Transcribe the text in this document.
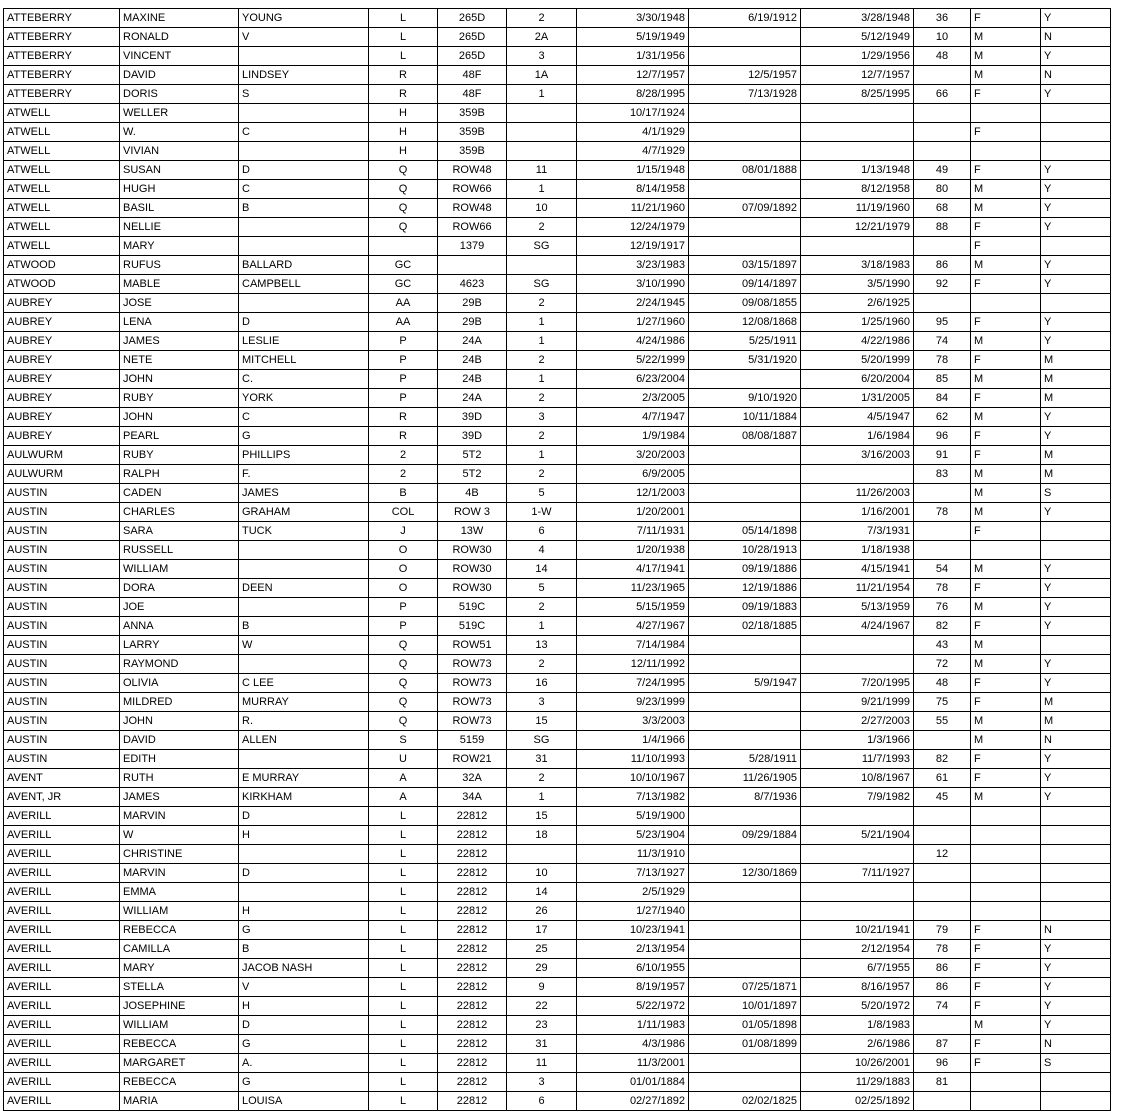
ATTEBERRY	MAXINE	YOUNG	L	265D	2	3/30/1948	6/19/1912	3/28/1948	36	F	Y
ATTEBERRY	RONALD	V	L	265D	2A	5/19/1949		5/12/1949	10	M	N
ATTEBERRY	VINCENT		L	265D	3	1/31/1956		1/29/1956	48	M	Y
ATTEBERRY	DAVID	LINDSEY	R	48F	1A	12/7/1957	12/5/1957	12/7/1957		M	N
ATTEBERRY	DORIS	S	R	48F	1	8/28/1995	7/13/1928	8/25/1995	66	F	Y
ATWELL	WELLER		H	359B		10/17/1924					
ATWELL	W.	C	H	359B		4/1/1929				F	
ATWELL	VIVIAN		H	359B		4/7/1929					
ATWELL	SUSAN	D	Q	ROW48	11	1/15/1948	08/01/1888	1/13/1948	49	F	Y
ATWELL	HUGH	C	Q	ROW66	1	8/14/1958		8/12/1958	80	M	Y
ATWELL	BASIL	B	Q	ROW48	10	11/21/1960	07/09/1892	11/19/1960	68	M	Y
ATWELL	NELLIE		Q	ROW66	2	12/24/1979		12/21/1979	88	F	Y
ATWELL	MARY			1379	SG	12/19/1917				F	
ATWOOD	RUFUS	BALLARD	GC			3/23/1983	03/15/1897	3/18/1983	86	M	Y
ATWOOD	MABLE	CAMPBELL	GC	4623	SG	3/10/1990	09/14/1897	3/5/1990	92	F	Y
AUBREY	JOSE		AA	29B	2	2/24/1945	09/08/1855	2/6/1925			
AUBREY	LENA	D	AA	29B	1	1/27/1960	12/08/1868	1/25/1960	95	F	Y
AUBREY	JAMES	LESLIE	P	24A	1	4/24/1986	5/25/1911	4/22/1986	74	M	Y
AUBREY	NETE	MITCHELL	P	24B	2	5/22/1999	5/31/1920	5/20/1999	78	F	M
AUBREY	JOHN	C.	P	24B	1	6/23/2004		6/20/2004	85	M	M
AUBREY	RUBY	YORK	P	24A	2	2/3/2005	9/10/1920	1/31/2005	84	F	M
AUBREY	JOHN	C	R	39D	3	4/7/1947	10/11/1884	4/5/1947	62	M	Y
AUBREY	PEARL	G	R	39D	2	1/9/1984	08/08/1887	1/6/1984	96	F	Y
AULWURM	RUBY	PHILLIPS	2	5T2	1	3/20/2003		3/16/2003	91	F	M
AULWURM	RALPH	F.	2	5T2	2	6/9/2005			83	M	M
AUSTIN	CADEN	JAMES	B	4B	5	12/1/2003		11/26/2003		M	S
AUSTIN	CHARLES	GRAHAM	COL	ROW 3	1-W	1/20/2001		1/16/2001	78	M	Y
AUSTIN	SARA	TUCK	J	13W	6	7/11/1931	05/14/1898	7/3/1931		F	
AUSTIN	RUSSELL		O	ROW30	4	1/20/1938	10/28/1913	1/18/1938			
AUSTIN	WILLIAM		O	ROW30	14	4/17/1941	09/19/1886	4/15/1941	54	M	Y
AUSTIN	DORA	DEEN	O	ROW30	5	11/23/1965	12/19/1886	11/21/1954	78	F	Y
AUSTIN	JOE		P	519C	2	5/15/1959	09/19/1883	5/13/1959	76	M	Y
AUSTIN	ANNA	B	P	519C	1	4/27/1967	02/18/1885	4/24/1967	82	F	Y
AUSTIN	LARRY	W	Q	ROW51	13	7/14/1984			43	M	
AUSTIN	RAYMOND		Q	ROW73	2	12/11/1992			72	M	Y
AUSTIN	OLIVIA	C LEE	Q	ROW73	16	7/24/1995	5/9/1947	7/20/1995	48	F	Y
AUSTIN	MILDRED	MURRAY	Q	ROW73	3	9/23/1999		9/21/1999	75	F	M
AUSTIN	JOHN	R.	Q	ROW73	15	3/3/2003		2/27/2003	55	M	M
AUSTIN	DAVID	ALLEN	S	5159	SG	1/4/1966		1/3/1966		M	N
AUSTIN	EDITH		U	ROW21	31	11/10/1993	5/28/1911	11/7/1993	82	F	Y
AVENT	RUTH	E MURRAY	A	32A	2	10/10/1967	11/26/1905	10/8/1967	61	F	Y
AVENT, JR	JAMES	KIRKHAM	A	34A	1	7/13/1982	8/7/1936	7/9/1982	45	M	Y
AVERILL	MARVIN	D	L	22812	15	5/19/1900					
AVERILL	W	H	L	22812	18	5/23/1904	09/29/1884	5/21/1904			
AVERILL	CHRISTINE		L	22812		11/3/1910			12		
AVERILL	MARVIN	D	L	22812	10	7/13/1927	12/30/1869	7/11/1927			
AVERILL	EMMA		L	22812	14	2/5/1929					
AVERILL	WILLIAM	H	L	22812	26	1/27/1940					
AVERILL	REBECCA	G	L	22812	17	10/23/1941		10/21/1941	79	F	N
AVERILL	CAMILLA	B	L	22812	25	2/13/1954		2/12/1954	78	F	Y
AVERILL	MARY	JACOB NASH	L	22812	29	6/10/1955		6/7/1955	86	F	Y
AVERILL	STELLA	V	L	22812	9	8/19/1957	07/25/1871	8/16/1957	86	F	Y
AVERILL	JOSEPHINE	H	L	22812	22	5/22/1972	10/01/1897	5/20/1972	74	F	Y
AVERILL	WILLIAM	D	L	22812	23	1/11/1983	01/05/1898	1/8/1983		M	Y
AVERILL	REBECCA	G	L	22812	31	4/3/1986	01/08/1899	2/6/1986	87	F	N
AVERILL	MARGARET	A.	L	22812	11	11/3/2001		10/26/2001	96	F	S
AVERILL	REBECCA	G	L	22812	3	01/01/1884		11/29/1883	81		
AVERILL	MARIA	LOUISA	L	22812	6	02/27/1892	02/02/1825	02/25/1892			
